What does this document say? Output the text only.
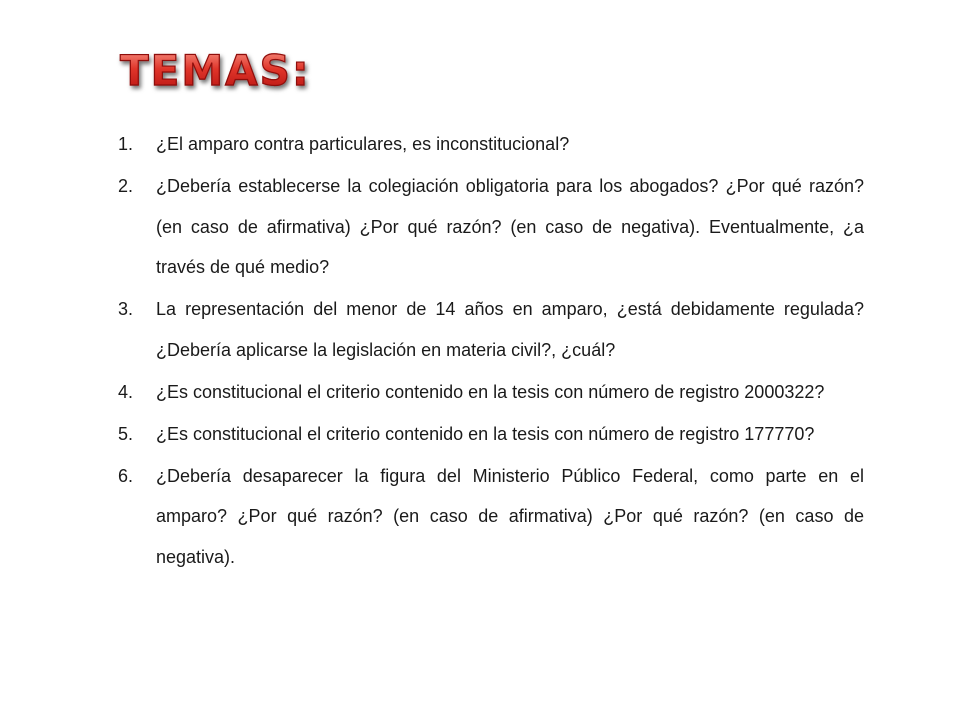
TEMAS:
1. ¿El amparo contra particulares, es inconstitucional?
2. ¿Debería establecerse la colegiación obligatoria para los abogados? ¿Por qué razón? (en caso de afirmativa) ¿Por qué razón? (en caso de negativa). Eventualmente, ¿a través de qué medio?
3. La representación del menor de 14 años en amparo, ¿está debidamente regulada? ¿Debería aplicarse la legislación en materia civil?, ¿cuál?
4. ¿Es constitucional el criterio contenido en la tesis con número de registro 2000322?
5. ¿Es constitucional el criterio contenido en la tesis con número de registro 177770?
6. ¿Debería desaparecer la figura del Ministerio Público Federal, como parte en el amparo? ¿Por qué razón? (en caso de afirmativa) ¿Por qué razón? (en caso de negativa).
